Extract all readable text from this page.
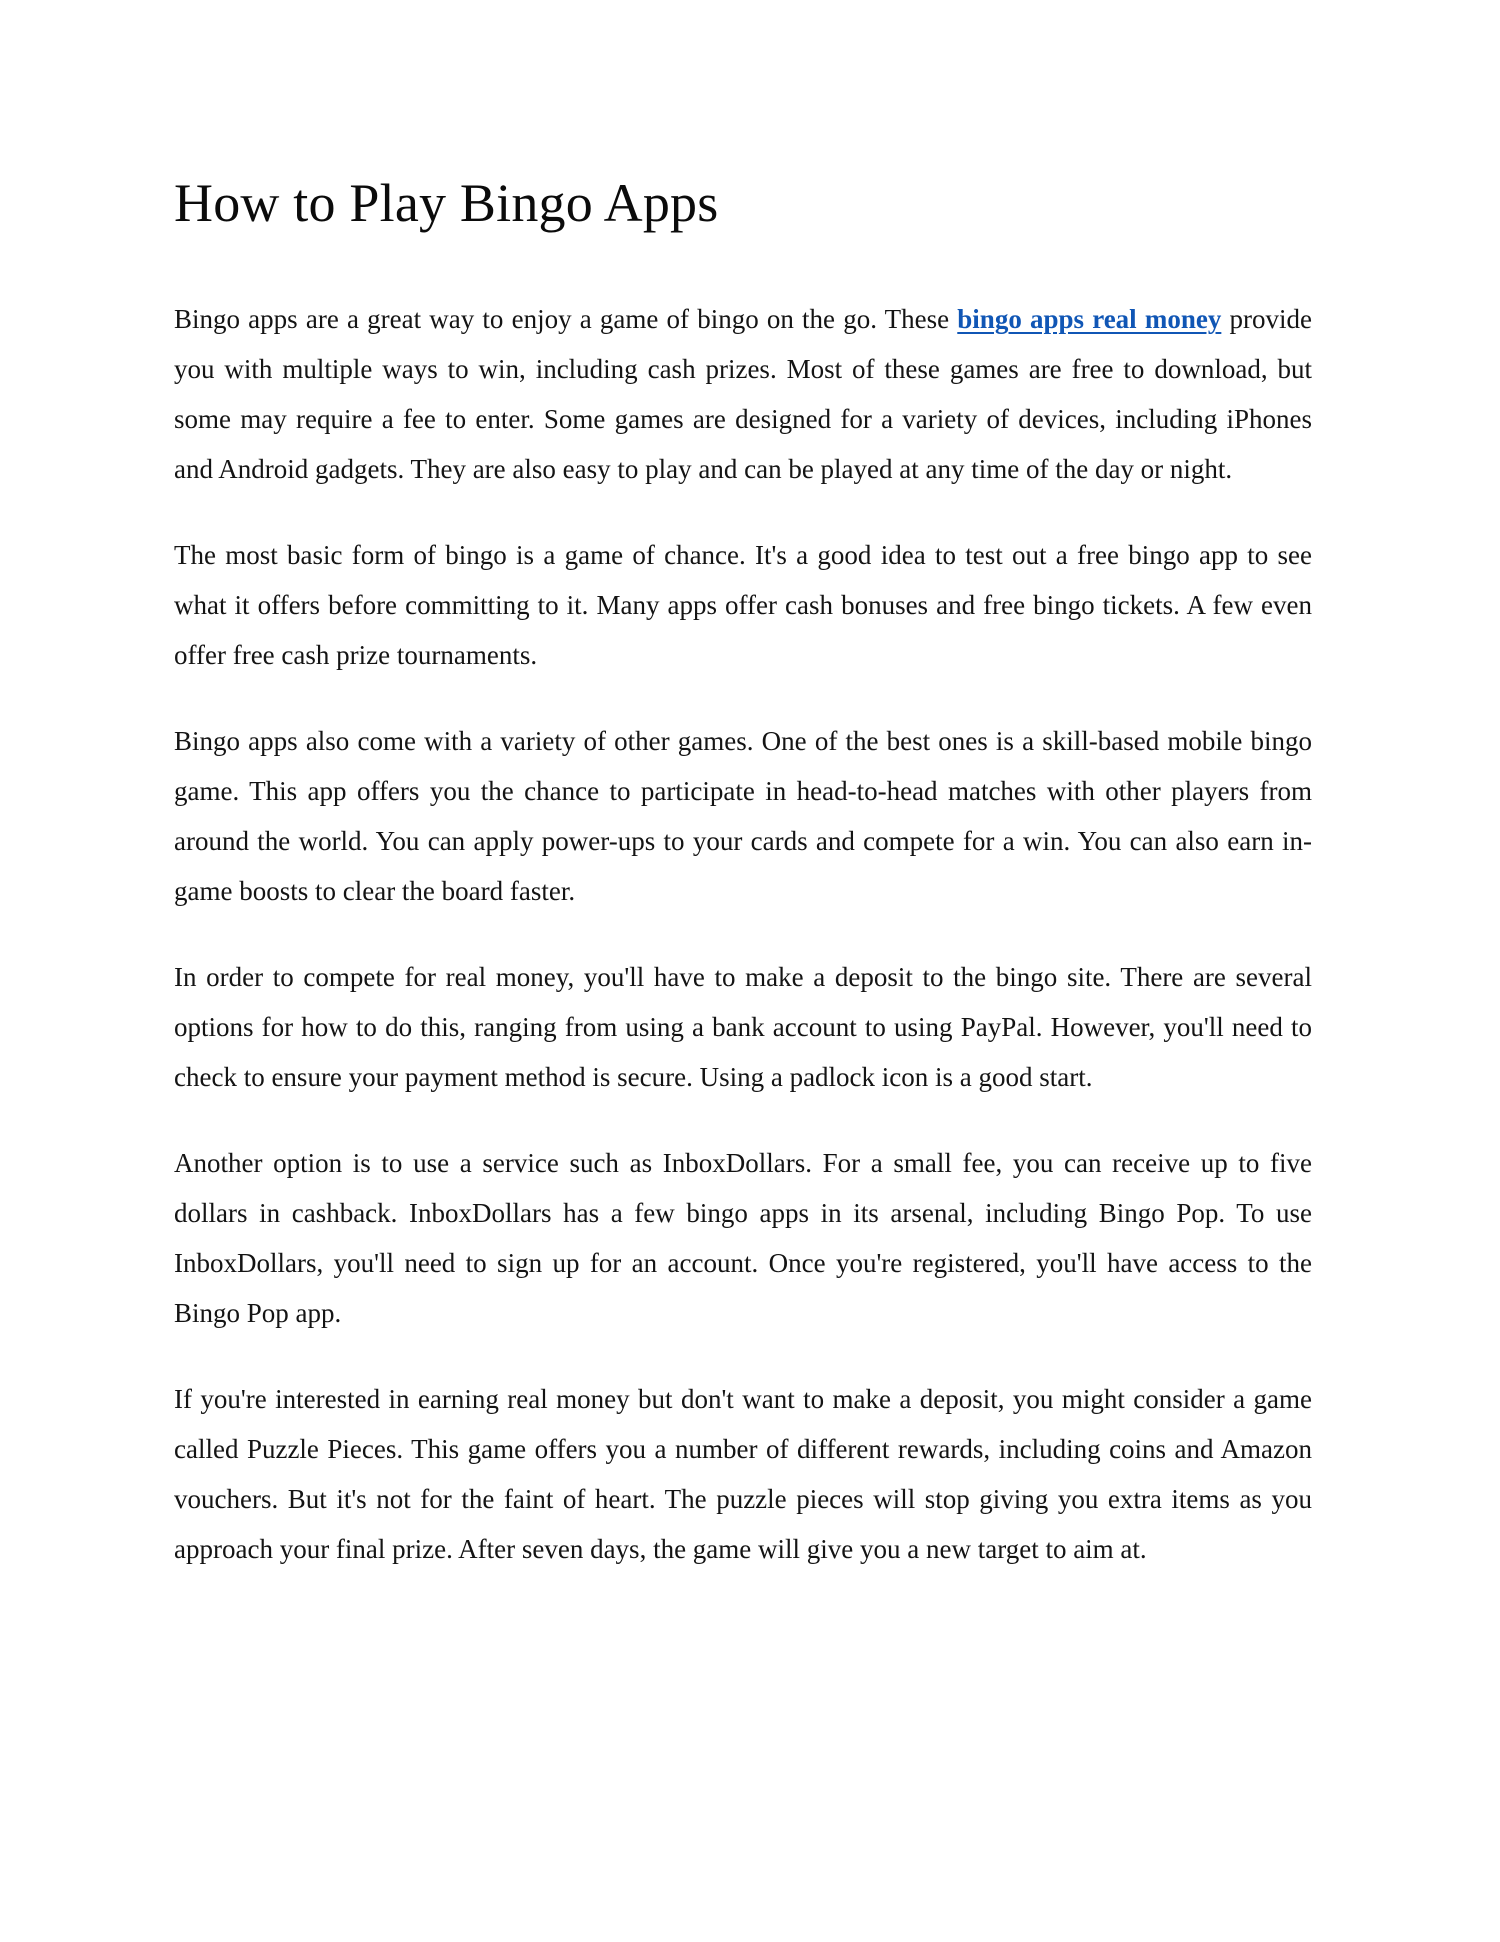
How to Play Bingo Apps

Bingo apps are a great way to enjoy a game of bingo on the go. These bingo apps real money provide you with multiple ways to win, including cash prizes. Most of these games are free to download, but some may require a fee to enter. Some games are designed for a variety of devices, including iPhones and Android gadgets. They are also easy to play and can be played at any time of the day or night.

The most basic form of bingo is a game of chance. It's a good idea to test out a free bingo app to see what it offers before committing to it. Many apps offer cash bonuses and free bingo tickets. A few even offer free cash prize tournaments.

Bingo apps also come with a variety of other games. One of the best ones is a skill-based mobile bingo game. This app offers you the chance to participate in head-to-head matches with other players from around the world. You can apply power-ups to your cards and compete for a win. You can also earn in-game boosts to clear the board faster.

In order to compete for real money, you'll have to make a deposit to the bingo site. There are several options for how to do this, ranging from using a bank account to using PayPal. However, you'll need to check to ensure your payment method is secure. Using a padlock icon is a good start.

Another option is to use a service such as InboxDollars. For a small fee, you can receive up to five dollars in cashback. InboxDollars has a few bingo apps in its arsenal, including Bingo Pop. To use InboxDollars, you'll need to sign up for an account. Once you're registered, you'll have access to the Bingo Pop app.

If you're interested in earning real money but don't want to make a deposit, you might consider a game called Puzzle Pieces. This game offers you a number of different rewards, including coins and Amazon vouchers. But it's not for the faint of heart. The puzzle pieces will stop giving you extra items as you approach your final prize. After seven days, the game will give you a new target to aim at.
